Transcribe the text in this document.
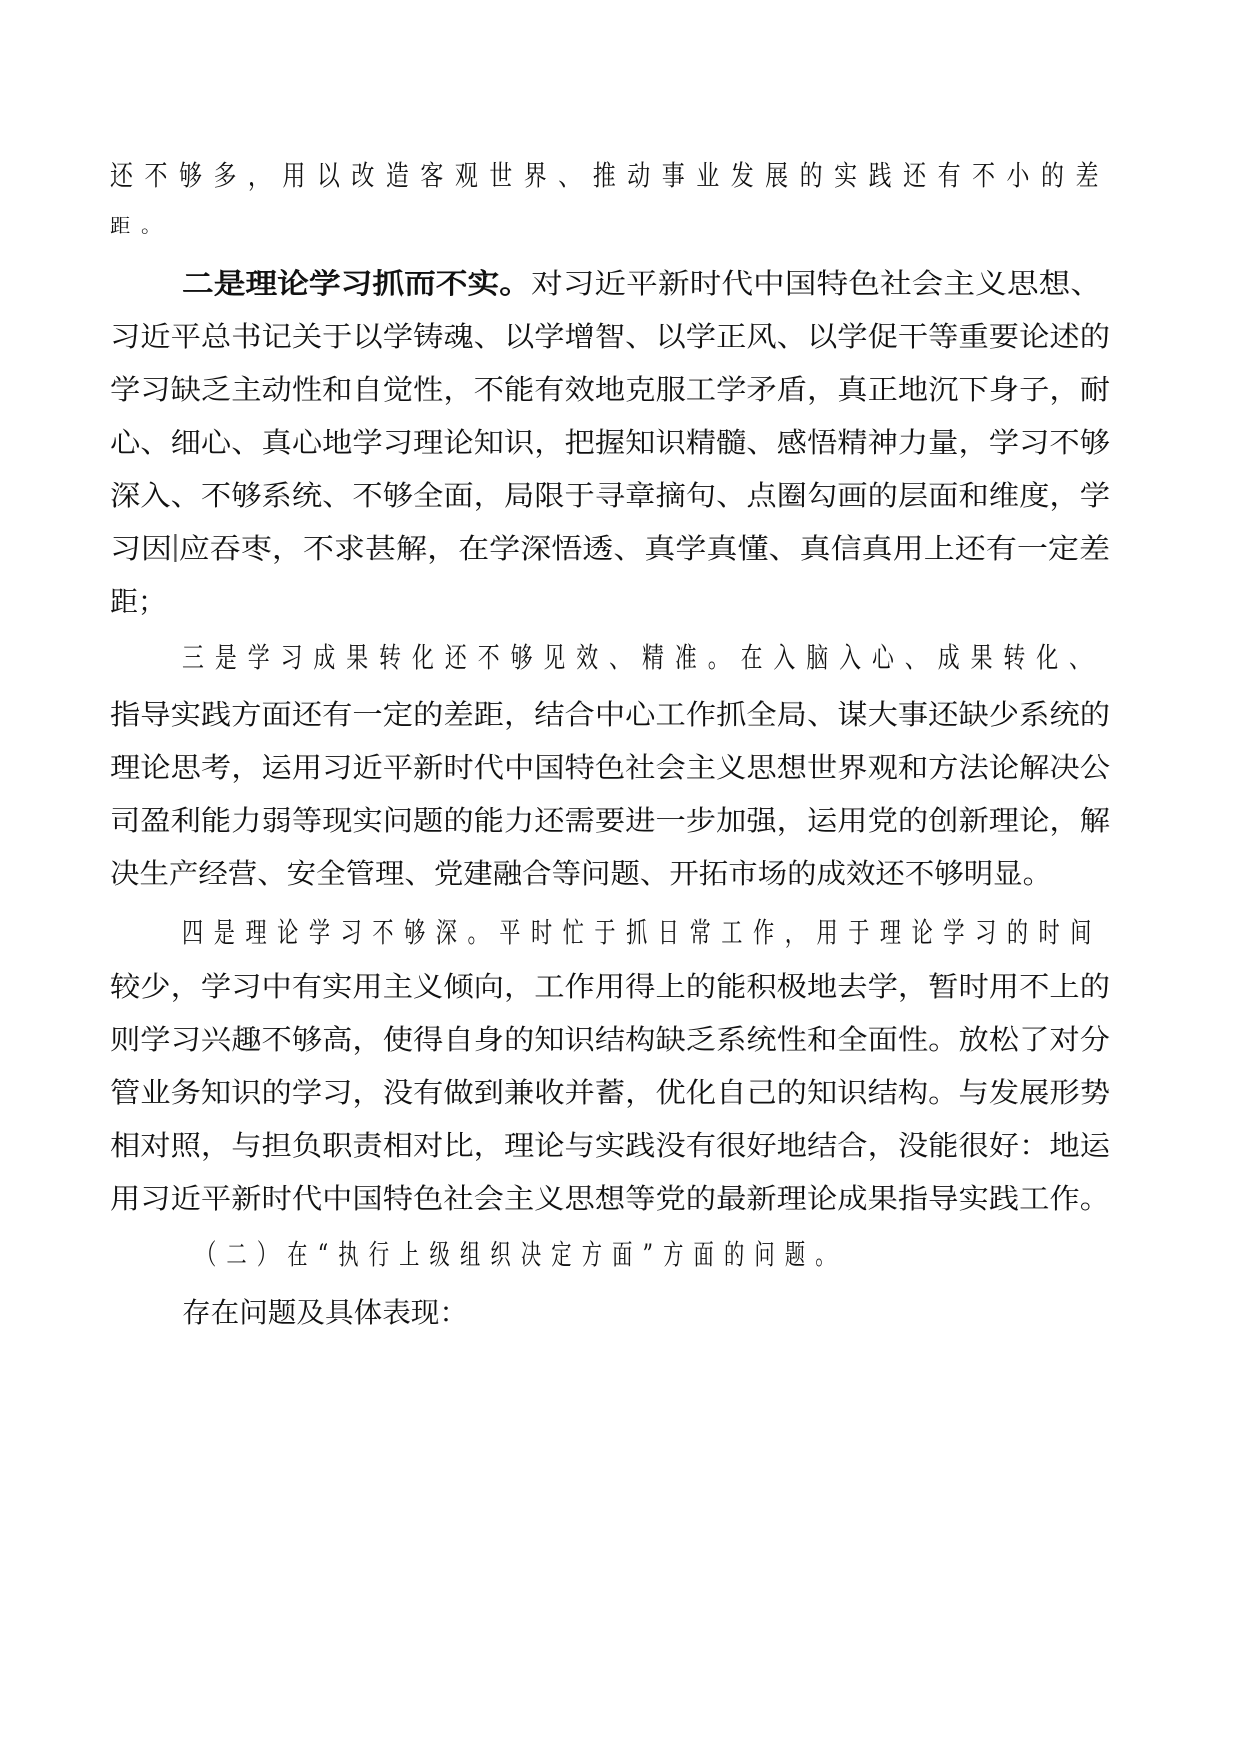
还不够多，用以改造客观世界、推动事业发展的实践还有不小的差
距。
二是理论学习抓而不实。对习近平新时代中国特色社会主义思想、
习近平总书记关于以学铸魂、以学增智、以学正风、以学促干等重要论述的
学习缺乏主动性和自觉性，不能有效地克服工学矛盾，真正地沉下身子，耐
心、细心、真心地学习理论知识，把握知识精髓、感悟精神力量，学习不够
深入、不够系统、不够全面，局限于寻章摘句、点圈勾画的层面和维度，学
习因 应吞枣，不求甚解，在学深悟透、真学真懂、真信真用上还有一定差
距；
三是学习成果转化还不够见效、精准。在入脑入心、成果转化、
指导实践方面还有一定的差距，结合中心工作抓全局、谋大事还缺少系统的
理论思考，运用习近平新时代中国特色社会主义思想世界观和方法论解决公
司盈利能力弱等现实问题的能力还需要进一步加强，运用党的创新理论，解
决生产经营、安全管理、党建融合等问题、开拓市场的成效还不够明显。
四是理论学习不够深。平时忙于抓日常工作，用于理论学习的时间
较少，学习中有实用主义倾向，工作用得上的能积极地去学，暂时用不上的
则学习兴趣不够高，使得自身的知识结构缺乏系统性和全面性。放松了对分
管业务知识的学习，没有做到兼收并蓄，优化自己的知识结构。与发展形势
相对照，与担负职责相对比，理论与实践没有很好地结合，没能很好：地运
用习近平新时代中国特色社会主义思想等党的最新理论成果指导实践工作。
（二）在“执行上级组织决定方面”方面的问题。
存在问题及具体表现：
